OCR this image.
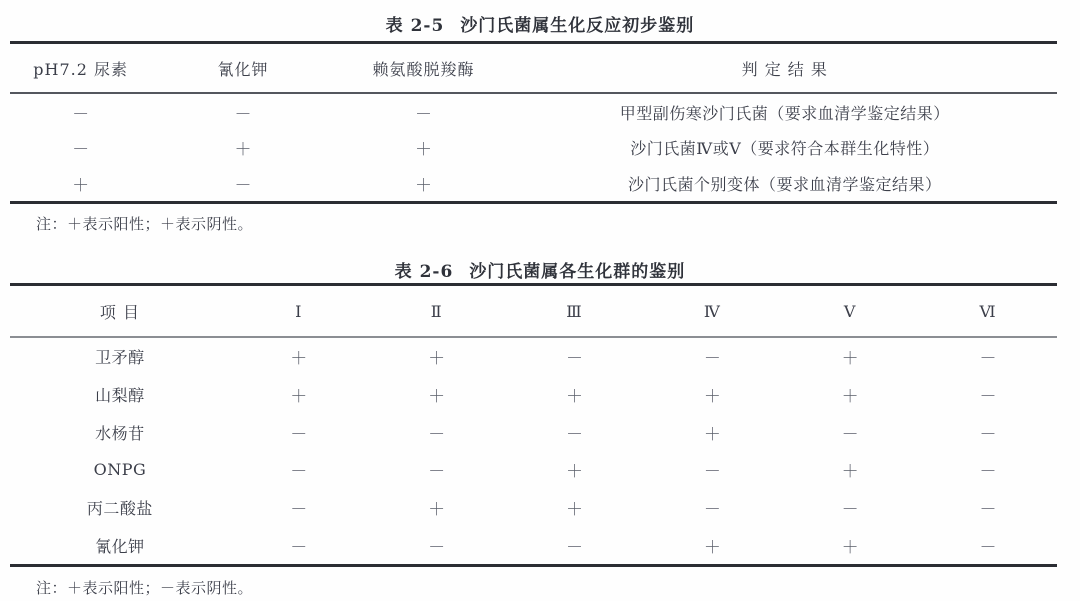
表 2-5 沙门氏菌属生化反应初步鉴别
pH7.2 尿素	氰化钾	赖氨酸脱羧酶	判 定 结 果
－	－	－	甲型副伤寒沙门氏菌（要求血清学鉴定结果）
－	＋	＋	沙门氏菌Ⅳ或Ⅴ（要求符合本群生化特性）
＋	－	＋	沙门氏菌个别变体（要求血清学鉴定结果）
注：＋表示阳性；＋表示阴性。
表 2-6 沙门氏菌属各生化群的鉴别
项 目	Ⅰ	Ⅱ	Ⅲ	Ⅳ	Ⅴ	Ⅵ
卫矛醇	＋	＋	－	－	＋	－
山梨醇	＋	＋	＋	＋	＋	－
水杨苷	－	－	－	＋	－	－
ONPG	－	－	＋	－	＋	－
丙二酸盐	－	＋	＋	－	－	－
氰化钾	－	－	－	＋	＋	－
注：＋表示阳性；－表示阴性。
